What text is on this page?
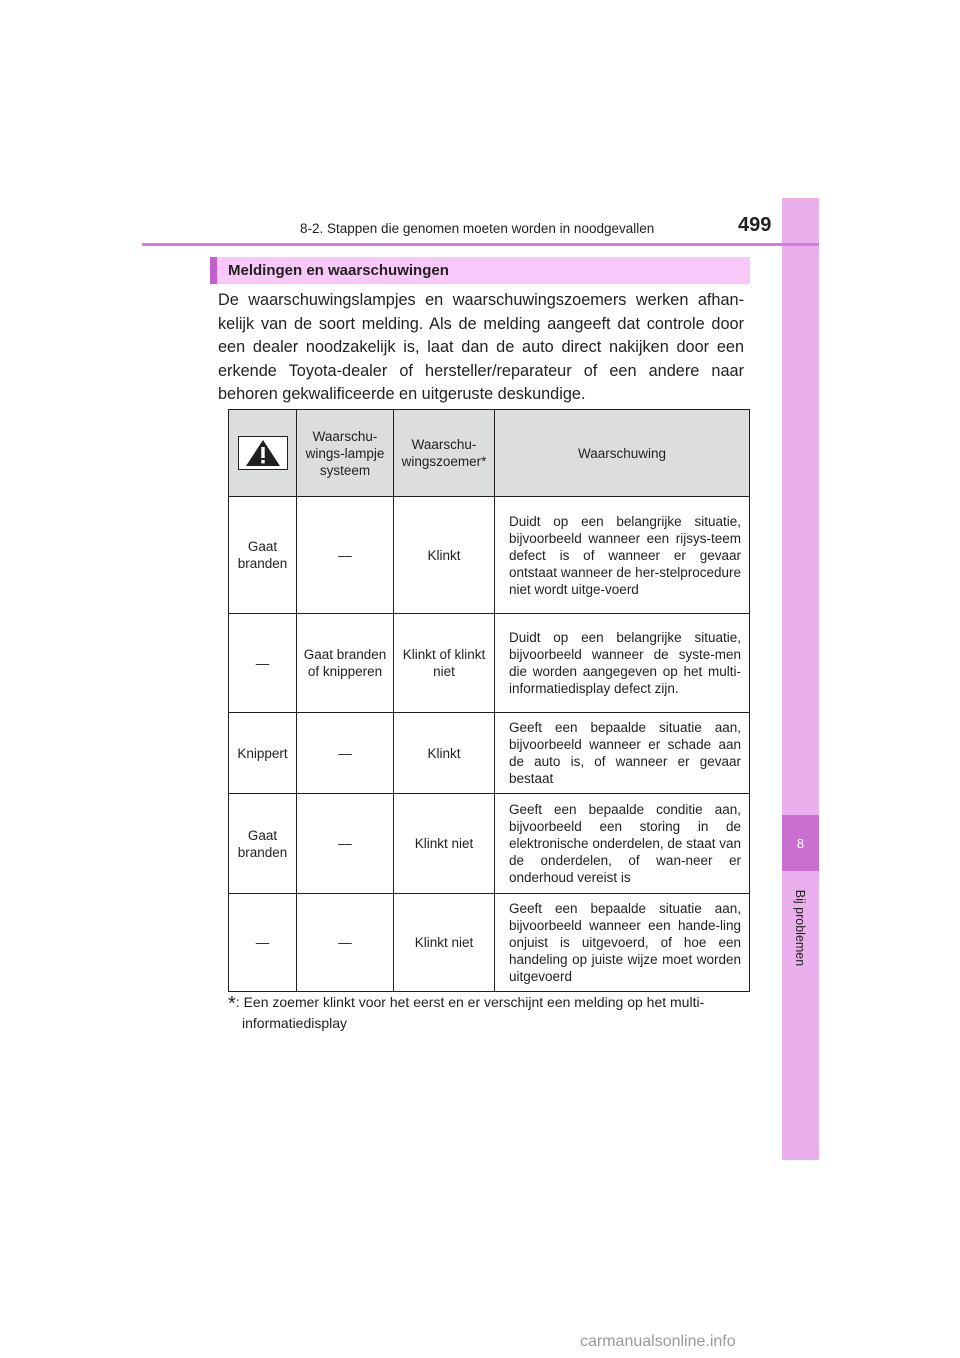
8
Bij problemen
8-2. Stappen die genomen moeten worden in noodgevallen	499
Meldingen en waarschuwingen

De waarschuwingslampjes en waarschuwingszoemers werken afhan-kelijk van de soort melding. Als de melding aangeeft dat controle door een dealer noodzakelijk is, laat dan de auto direct nakijken door een erkende Toyota-dealer of hersteller/reparateur of een andere naar behoren gekwalificeerde en uitgeruste deskundige.

	Waarschu-wings-lampje systeem	Waarschu-wingszoemer*	Waarschuwing
Gaat branden	—	Klinkt	Duidt op een belangrijke situatie, bijvoorbeeld wanneer een rijsys-teem defect is of wanneer er gevaar ontstaat wanneer de her-stelprocedure niet wordt uitge-voerd
—	Gaat branden of knipperen	Klinkt of klinkt niet	Duidt op een belangrijke situatie, bijvoorbeeld wanneer de syste-men die worden aangegeven op het multi-informatiedisplay defect zijn.
Knippert	—	Klinkt	Geeft een bepaalde situatie aan, bijvoorbeeld wanneer er schade aan de auto is, of wanneer er gevaar bestaat
Gaat branden	—	Klinkt niet	Geeft een bepaalde conditie aan, bijvoorbeeld een storing in de elektronische onderdelen, de staat van de onderdelen, of wan-neer er onderhoud vereist is
—	—	Klinkt niet	Geeft een bepaalde situatie aan, bijvoorbeeld wanneer een hande-ling onjuist is uitgevoerd, of hoe een handeling op juiste wijze moet worden uitgevoerd
*: Een zoemer klinkt voor het eerst en er verschijnt een melding op het multi-
informatiedisplay
carmanualsonline.info
